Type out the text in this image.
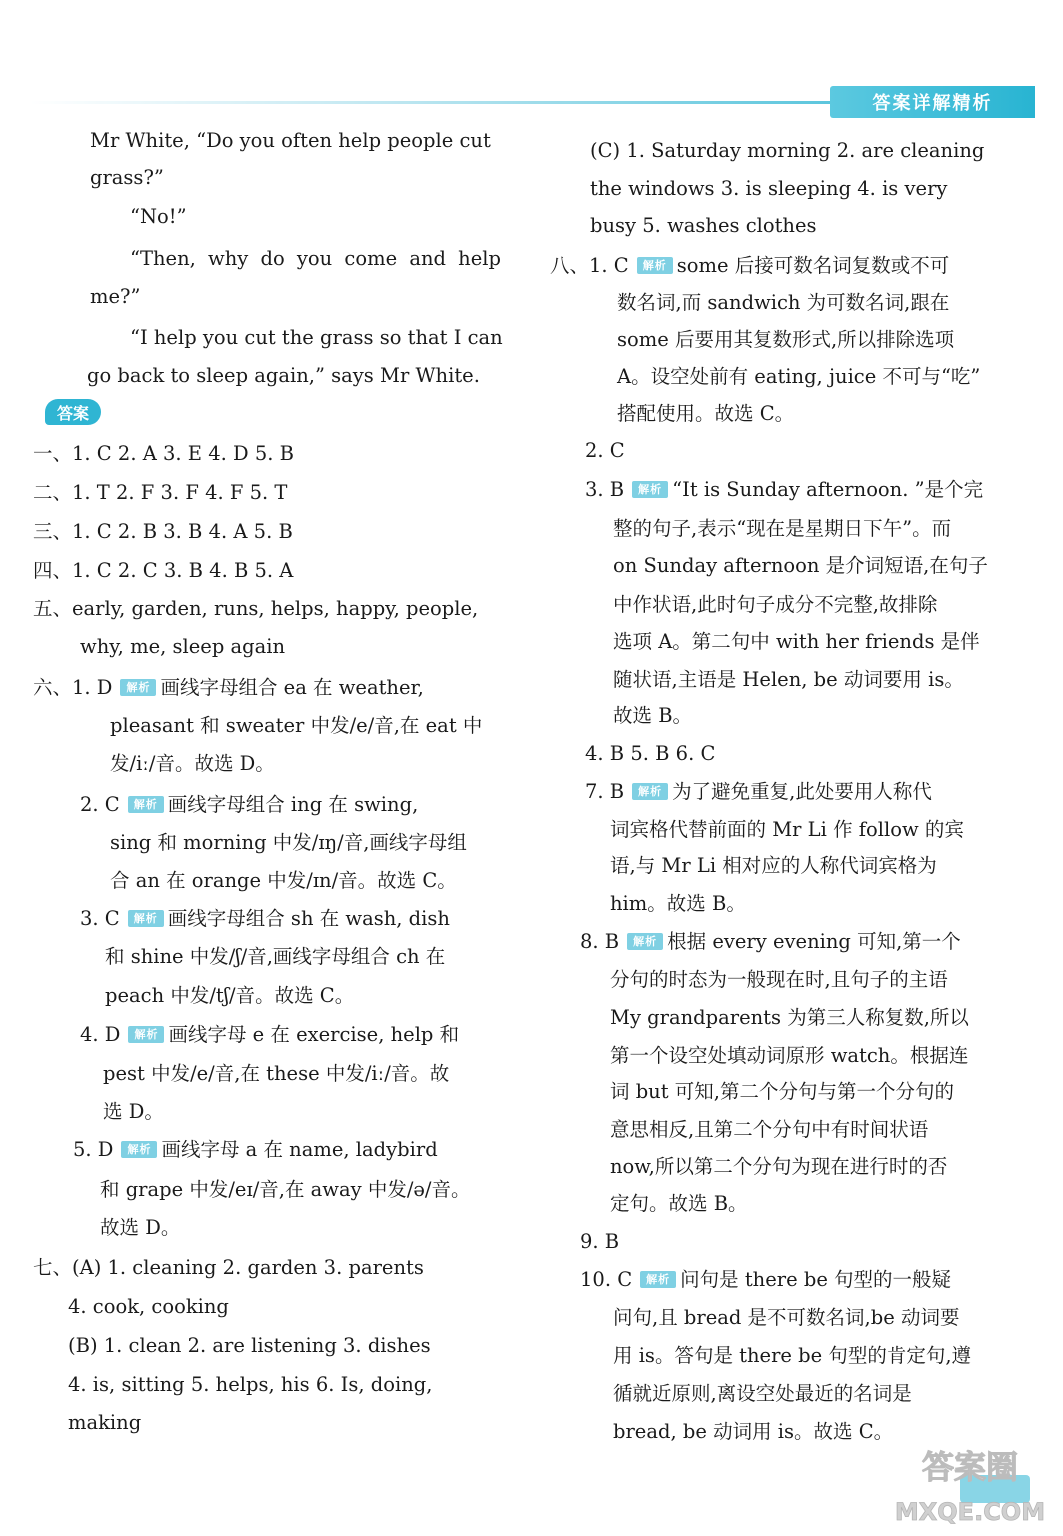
答案详解精析
Mr White, “Do you often help people cut
grass?”
“No!”
“Then, why do you come and help
me?”
“I help you cut the grass so that I can
go back to sleep again,” says Mr White.
答案
一、1. C 2. A 3. E 4. D 5. B
二、1. T 2. F 3. F 4. F 5. T
三、1. C 2. B 3. B 4. A 5. B
四、1. C 2. C 3. B 4. B 5. A
五、early, garden, runs, helps, happy, people,
why, me, sleep again
六、1. D 解析 画线字母组合 ea 在 weather,
pleasant 和 sweater 中发/e/音,在 eat 中
发/iː/音。故选 D。
2. C 解析 画线字母组合 ing 在 swing,
sing 和 morning 中发/ɪŋ/音,画线字母组
合 an 在 orange 中发/ɪn/音。故选 C。
3. C 解析 画线字母组合 sh 在 wash, dish
和 shine 中发/ʃ/音,画线字母组合 ch 在
peach 中发/tʃ/音。故选 C。
4. D 解析 画线字母 e 在 exercise, help 和
pest 中发/e/音,在 these 中发/iː/音。故
选 D。
5. D 解析 画线字母 a 在 name, ladybird
和 grape 中发/eɪ/音,在 away 中发/ə/音。
故选 D。
七、(A) 1. cleaning 2. garden 3. parents
4. cook, cooking
(B) 1. clean 2. are listening 3. dishes
4. is, sitting 5. helps, his 6. Is, doing,
making
(C) 1. Saturday morning 2. are cleaning
the windows 3. is sleeping 4. is very
busy 5. washes clothes
八、1. C 解析 some 后接可数名词复数或不可
数名词,而 sandwich 为可数名词,跟在
some 后要用其复数形式,所以排除选项
A。设空处前有 eating, juice 不可与“吃”
搭配使用。故选 C。
2. C
3. B 解析 “It is Sunday afternoon. ”是个完
整的句子,表示“现在是星期日下午”。而
on Sunday afternoon 是介词短语,在句子
中作状语,此时句子成分不完整,故排除
选项 A。第二句中 with her friends 是伴
随状语,主语是 Helen, be 动词要用 is。
故选 B。
4. B 5. B 6. C
7. B 解析 为了避免重复,此处要用人称代
词宾格代替前面的 Mr Li 作 follow 的宾
语,与 Mr Li 相对应的人称代词宾格为
him。故选 B。
8. B 解析 根据 every evening 可知,第一个
分句的时态为一般现在时,且句子的主语
My grandparents 为第三人称复数,所以
第一个设空处填动词原形 watch。根据连
词 but 可知,第二个分句与第一个分句的
意思相反,且第二个分句中有时间状语
now,所以第二个分句为现在进行时的否
定句。故选 B。
9. B
10. C 解析 问句是 there be 句型的一般疑
问句,且 bread 是不可数名词,be 动词要
用 is。答句是 there be 句型的肯定句,遵
循就近原则,离设空处最近的名词是
bread, be 动词用 is。故选 C。
答案圈
MXQE.COM
